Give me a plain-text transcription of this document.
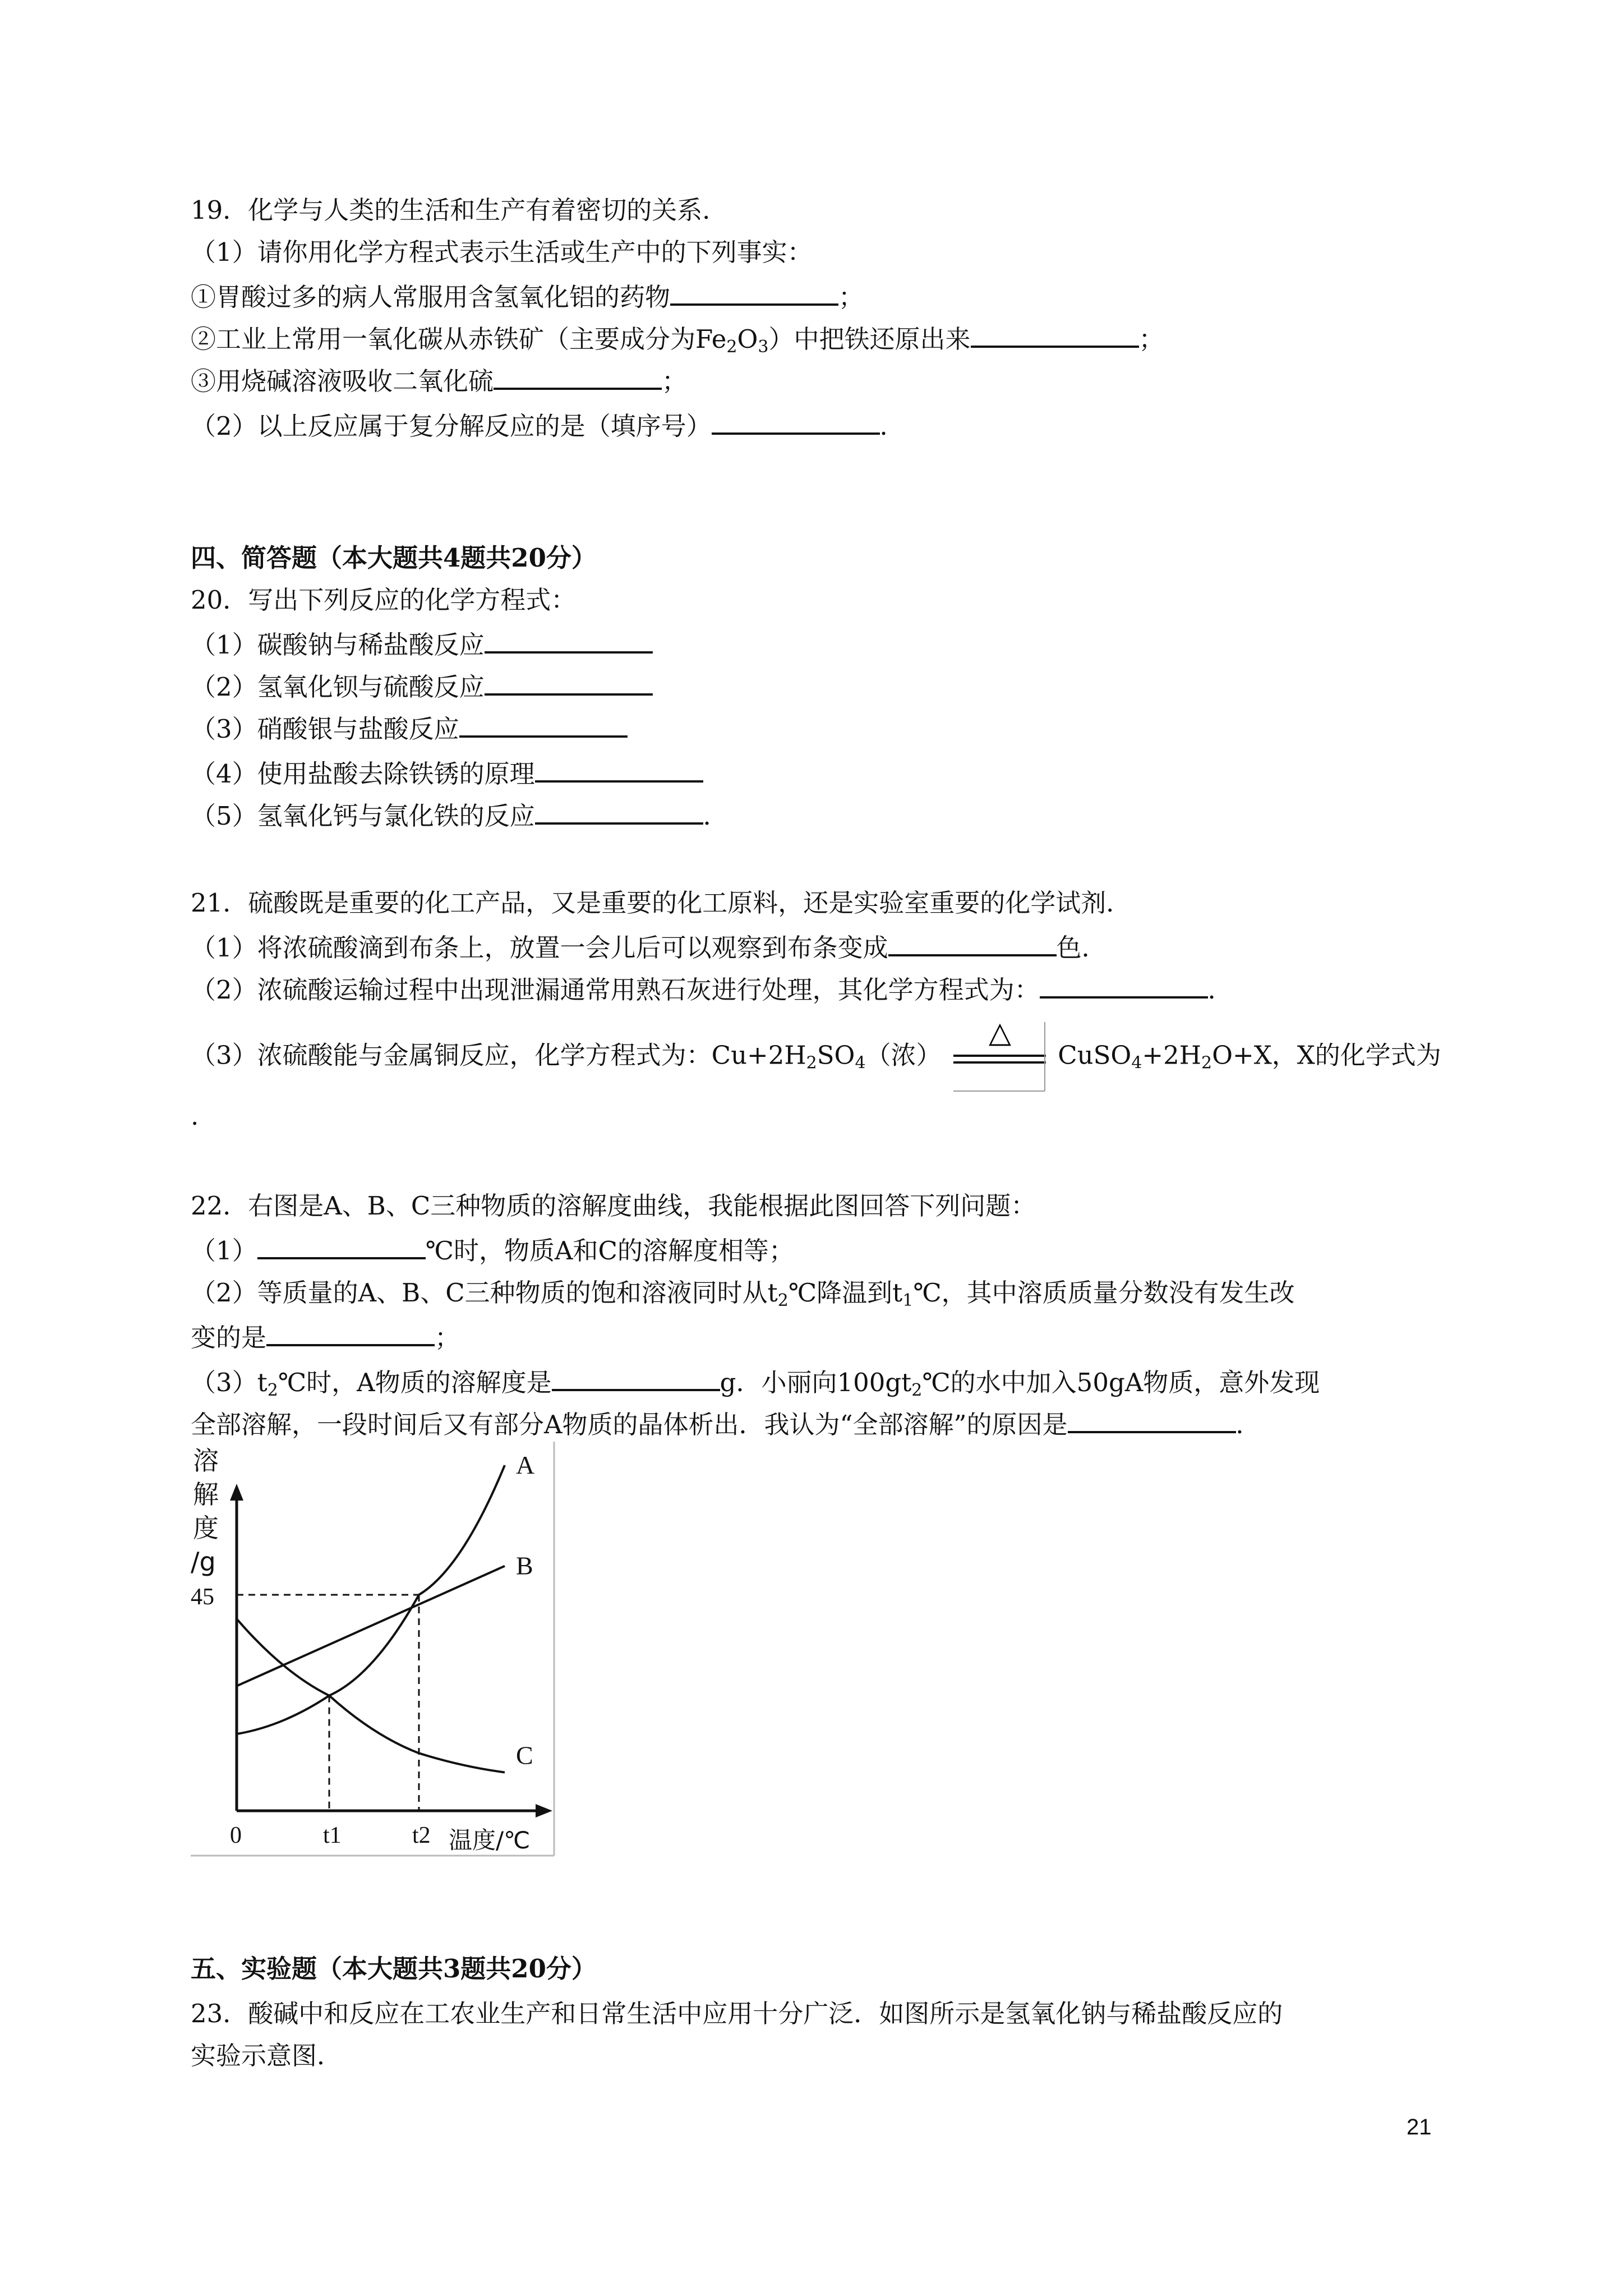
19．化学与人类的生活和生产有着密切的关系．
（1）请你用化学方程式表示生活或生产中的下列事实：
①胃酸过多的病人常服用含氢氧化铝的药物	；
②工业上常用一氧化碳从赤铁矿（主要成分为$Fe_2O_3$）中把铁还原出来	；
③用烧碱溶液吸收二氧化硫	；
（2）以上反应属于复分解反应的是（填序号）	．
四、简答题（本大题共4题共20分）
20．写出下列反应的化学方程式：
（1）碳酸钠与稀盐酸反应
（2）氢氧化钡与硫酸反应
（3）硝酸银与盐酸反应
（4）使用盐酸去除铁锈的原理
（5）氢氧化钙与氯化铁的反应	．
21．硫酸既是重要的化工产品，又是重要的化工原料，还是实验室重要的化学试剂．
（1）将浓硫酸滴到布条上，放置一会儿后可以观察到布条变成	色．
（2）浓硫酸运输过程中出现泄漏通常用熟石灰进行处理，其化学方程式为：	．
（3）浓硫酸能与金属铜反应，化学方程式为：$Cu+2H_2SO_4$（浓）
△
$CuSO_4+2H_2O+X$，X的化学式为
.
22．右图是A、B、C三种物质的溶解度曲线，我能根据此图回答下列问题：
（1）	℃时，物质A和C的溶解度相等；
（2）等质量的A、B、C三种物质的饱和溶液同时从$t_2℃$降温到$t_1℃$，其中溶质质量分数没有发生改
变的是	；
$(3)t_2℃$时，A物质的溶解度是	g．小丽向$100gt_2℃$的水中加入50gA物质，意外发现
全部溶解，一段时间后又有部分A物质的晶体析出．我认为“全部溶解”的原因是	．
溶
解
度
/g
A
B
C
45
0	t1	t2 温度/℃
五、实验题（本大题共3题共20分）
23．酸碱中和反应在工农业生产和日常生活中应用十分广泛．如图所示是氢氧化钠与稀盐酸反应的
实验示意图．
21
